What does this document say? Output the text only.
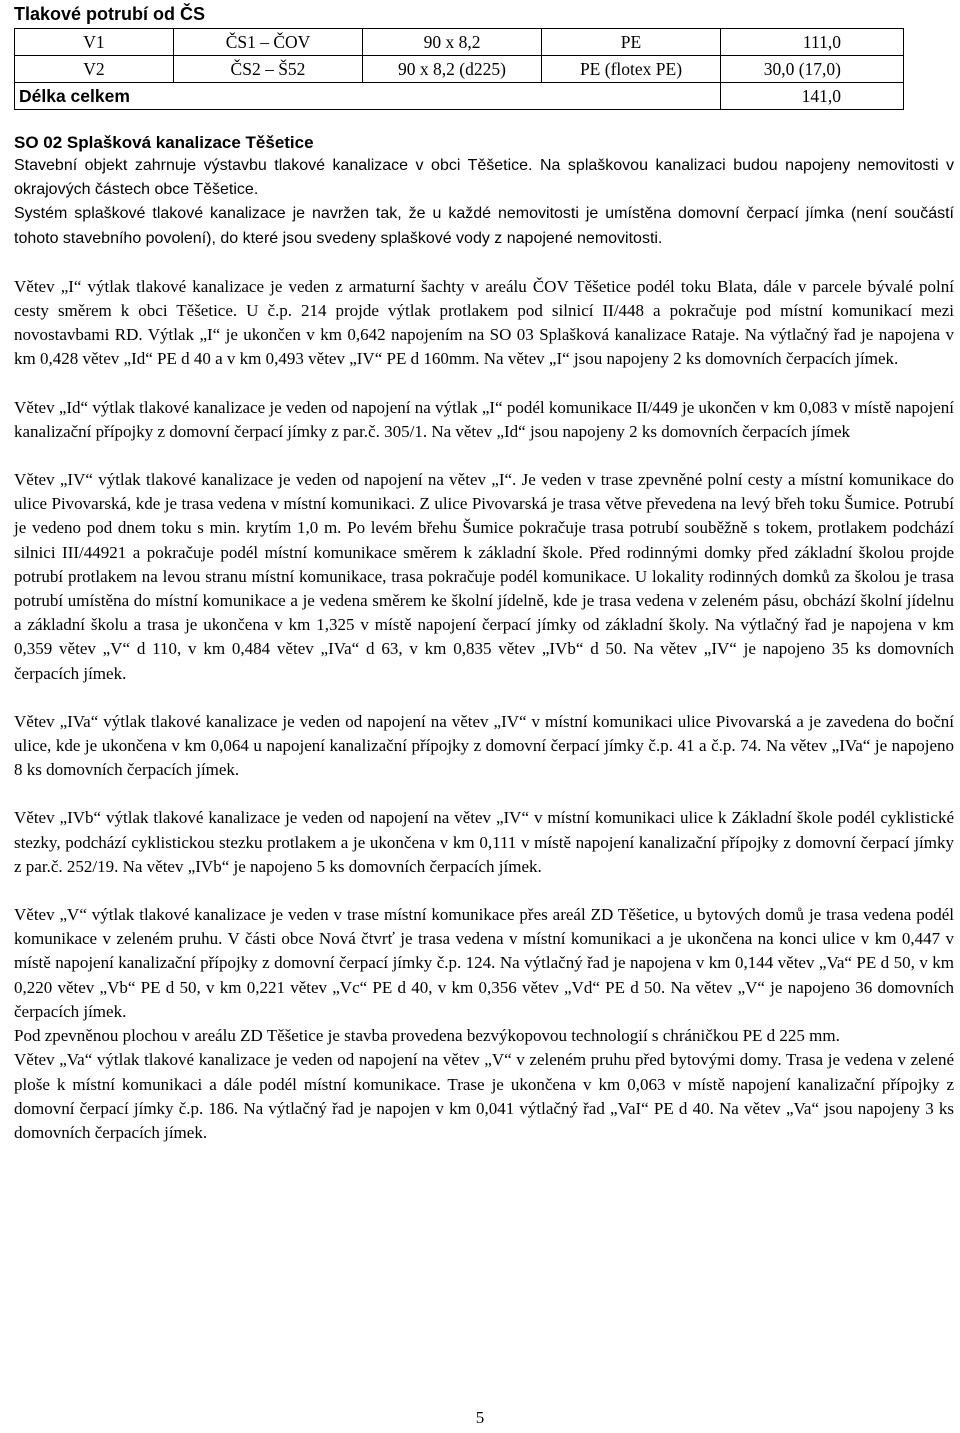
Tlakové potrubí od ČS
V1	ČS1 – ČOV	90 x 8,2	PE	111,0
V2	ČS2 – Š52	90 x 8,2 (d225)	PE (flotex PE)	30,0 (17,0)
Délka celkem				141,0
SO 02 Splašková kanalizace Těšetice

Stavební objekt zahrnuje výstavbu tlakové kanalizace v obci Těšetice. Na splaškovou kanalizaci budou napojeny nemovitosti v okrajových částech obce Těšetice.

Systém splaškové tlakové kanalizace je navržen tak, že u každé nemovitosti je umístěna domovní čerpací jímka (není součástí tohoto stavebního povolení), do které jsou svedeny splaškové vody z napojené nemovitosti.

Větev „I“ výtlak tlakové kanalizace je veden z armaturní šachty v areálu ČOV Těšetice podél toku Blata, dále v parcele bývalé polní cesty směrem k obci Těšetice. U č.p. 214 projde výtlak protlakem pod silnicí II/448 a pokračuje pod místní komunikací mezi novostavbami RD. Výtlak „I“ je ukončen v km 0,642 napojením na SO 03 Splašková kanalizace Rataje. Na výtlačný řad je napojena v km 0,428 větev „Id“ PE d 40 a v km 0,493 větev „IV“ PE d 160mm. Na větev „I“ jsou napojeny 2 ks domovních čerpacích jímek.

Větev „Id“ výtlak tlakové kanalizace je veden od napojení na výtlak „I“ podél komunikace II/449 je ukončen v km 0,083 v místě napojení kanalizační přípojky z domovní čerpací jímky z par.č. 305/1. Na větev „Id“ jsou napojeny 2 ks domovních čerpacích jímek

Větev „IV“ výtlak tlakové kanalizace je veden od napojení na větev „I“. Je veden v trase zpevněné polní cesty a místní komunikace do ulice Pivovarská, kde je trasa vedena v místní komunikaci. Z ulice Pivovarská je trasa větve převedena na levý břeh toku Šumice. Potrubí je vedeno pod dnem toku s min. krytím 1,0 m. Po levém břehu Šumice pokračuje trasa potrubí souběžně s tokem, protlakem podchází silnici III/44921 a pokračuje podél místní komunikace směrem k základní škole. Před rodinnými domky před základní školou projde potrubí protlakem na levou stranu místní komunikace, trasa pokračuje podél komunikace. U lokality rodinných domků za školou je trasa potrubí umístěna do místní komunikace a je vedena směrem ke školní jídelně, kde je trasa vedena v zeleném pásu, obchází školní jídelnu a základní školu a trasa je ukončena v km 1,325 v místě napojení čerpací jímky od základní školy. Na výtlačný řad je napojena v km 0,359 větev „V“ d 110, v km 0,484 větev „IVa“ d 63, v km 0,835 větev „IVb“ d 50. Na větev „IV“ je napojeno 35 ks domovních čerpacích jímek.

Větev „IVa“ výtlak tlakové kanalizace je veden od napojení na větev „IV“ v místní komunikaci ulice Pivovarská a je zavedena do boční ulice, kde je ukončena v km 0,064 u napojení kanalizační přípojky z domovní čerpací jímky č.p. 41 a č.p. 74. Na větev „IVa“ je napojeno 8 ks domovních čerpacích jímek.

Větev „IVb“ výtlak tlakové kanalizace je veden od napojení na větev „IV“ v místní komunikaci ulice k Základní škole podél cyklistické stezky, podchází cyklistickou stezku protlakem a je ukončena v km 0,111 v místě napojení kanalizační přípojky z domovní čerpací jímky z par.č. 252/19. Na větev „IVb“ je napojeno 5 ks domovních čerpacích jímek.

Větev „V“ výtlak tlakové kanalizace je veden v trase místní komunikace přes areál ZD Těšetice, u bytových domů je trasa vedena podél komunikace v zeleném pruhu. V části obce Nová čtvrť je trasa vedena v místní komunikaci a je ukončena na konci ulice v km 0,447 v místě napojení kanalizační přípojky z domovní čerpací jímky č.p. 124. Na výtlačný řad je napojena v km 0,144 větev „Va“ PE d 50, v km 0,220 větev „Vb“ PE d 50, v km 0,221 větev „Vc“ PE d 40, v km 0,356 větev „Vd“ PE d 50. Na větev „V“ je napojeno 36 domovních čerpacích jímek.

Pod zpevněnou plochou v areálu ZD Těšetice je stavba provedena bezvýkopovou technologií s chráničkou PE d 225 mm.

Větev „Va“ výtlak tlakové kanalizace je veden od napojení na větev „V“ v zeleném pruhu před bytovými domy. Trasa je vedena v zelené ploše k místní komunikaci a dále podél místní komunikace. Trase je ukončena v km 0,063 v místě napojení kanalizační přípojky z domovní čerpací jímky č.p. 186. Na výtlačný řad je napojen v km 0,041 výtlačný řad „VaI“ PE d 40. Na větev „Va“ jsou napojeny 3 ks domovních čerpacích jímek.

5
